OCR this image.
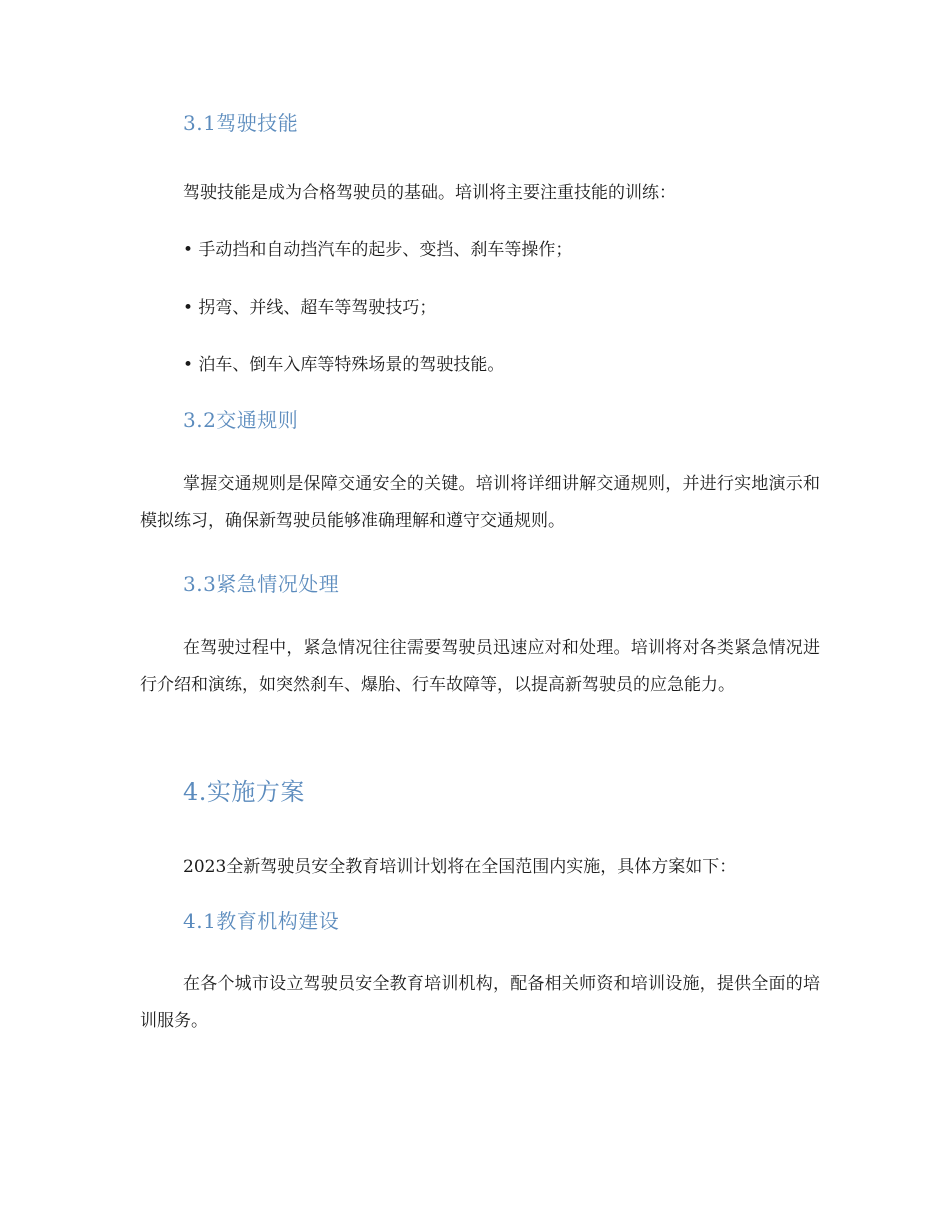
3.1驾驶技能

驾驶技能是成为合格驾驶员的基础。培训将主要注重技能的训练：

• 手动挡和自动挡汽车的起步、变挡、刹车等操作；

• 拐弯、并线、超车等驾驶技巧；

• 泊车、倒车入库等特殊场景的驾驶技能。

3.2交通规则

掌握交通规则是保障交通安全的关键。培训将详细讲解交通规则，并进行实地演示和模拟练习，确保新驾驶员能够准确理解和遵守交通规则。

3.3紧急情况处理

在驾驶过程中，紧急情况往往需要驾驶员迅速应对和处理。培训将对各类紧急情况进行介绍和演练，如突然刹车、爆胎、行车故障等，以提高新驾驶员的应急能力。

4.实施方案

2023全新驾驶员安全教育培训计划将在全国范围内实施，具体方案如下：

4.1教育机构建设

在各个城市设立驾驶员安全教育培训机构，配备相关师资和培训设施，提供全面的培训服务。
